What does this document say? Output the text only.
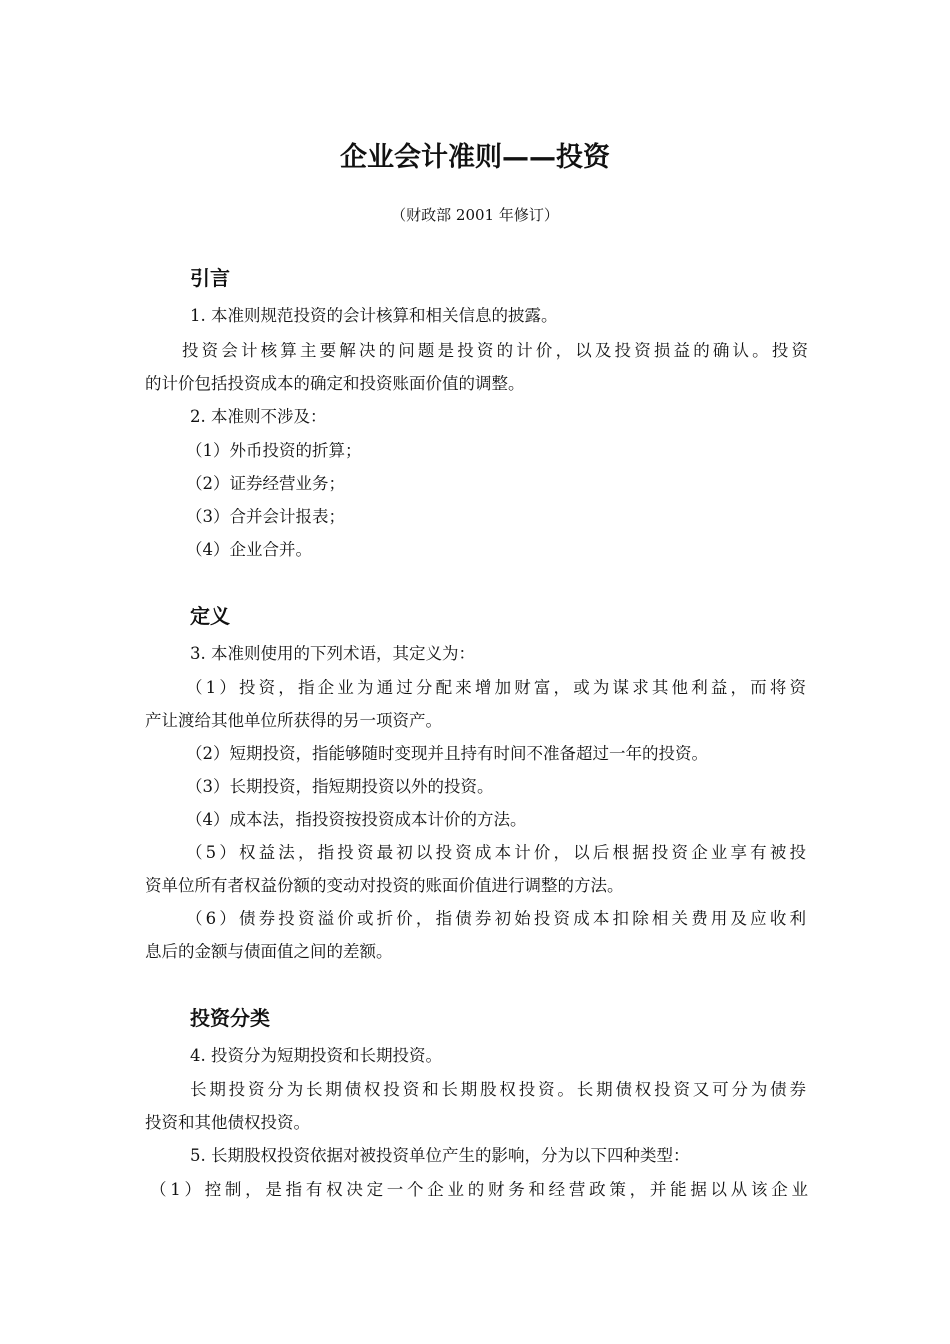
企业会计准则——投资
（财政部 2001 年修订）
引言
1. 本准则规范投资的会计核算和相关信息的披露。
投资会计核算主要解决的问题是投资的计价，以及投资损益的确认。投资
的计价包括投资成本的确定和投资账面价值的调整。
2. 本准则不涉及：
（1）外币投资的折算；
（2）证券经营业务；
（3）合并会计报表；
（4）企业合并。
定义
3. 本准则使用的下列术语，其定义为：
（1）投资，指企业为通过分配来增加财富，或为谋求其他利益，而将资
产让渡给其他单位所获得的另一项资产。
（2）短期投资，指能够随时变现并且持有时间不准备超过一年的投资。
（3）长期投资，指短期投资以外的投资。
（4）成本法，指投资按投资成本计价的方法。
（5）权益法，指投资最初以投资成本计价，以后根据投资企业享有被投
资单位所有者权益份额的变动对投资的账面价值进行调整的方法。
（6）债券投资溢价或折价，指债券初始投资成本扣除相关费用及应收利
息后的金额与债面值之间的差额。
投资分类
4. 投资分为短期投资和长期投资。
长期投资分为长期债权投资和长期股权投资。长期债权投资又可分为债券
投资和其他债权投资。
5. 长期股权投资依据对被投资单位产生的影响，分为以下四种类型：
（1）控制，是指有权决定一个企业的财务和经营政策，并能据以从该企业
